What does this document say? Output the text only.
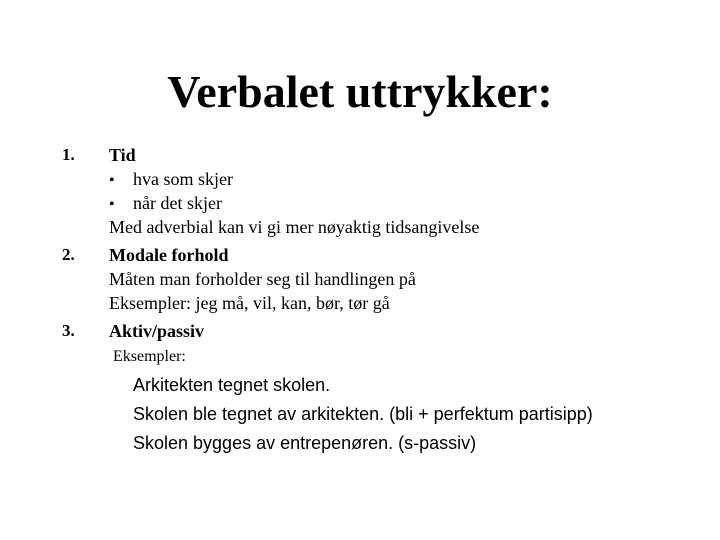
Verbalet uttrykker:
1. Tid
• hva som skjer
• når det skjer
Med adverbial kan vi gi mer nøyaktig tidsangivelse
2. Modale forhold
Måten man forholder seg til handlingen på
Eksempler: jeg må, vil, kan, bør, tør gå
3. Aktiv/passiv
Eksempler:
Arkitekten tegnet skolen.
Skolen ble tegnet av arkitekten. (bli + perfektum partisipp)
Skolen bygges av entrepenøren. (s-passiv)
